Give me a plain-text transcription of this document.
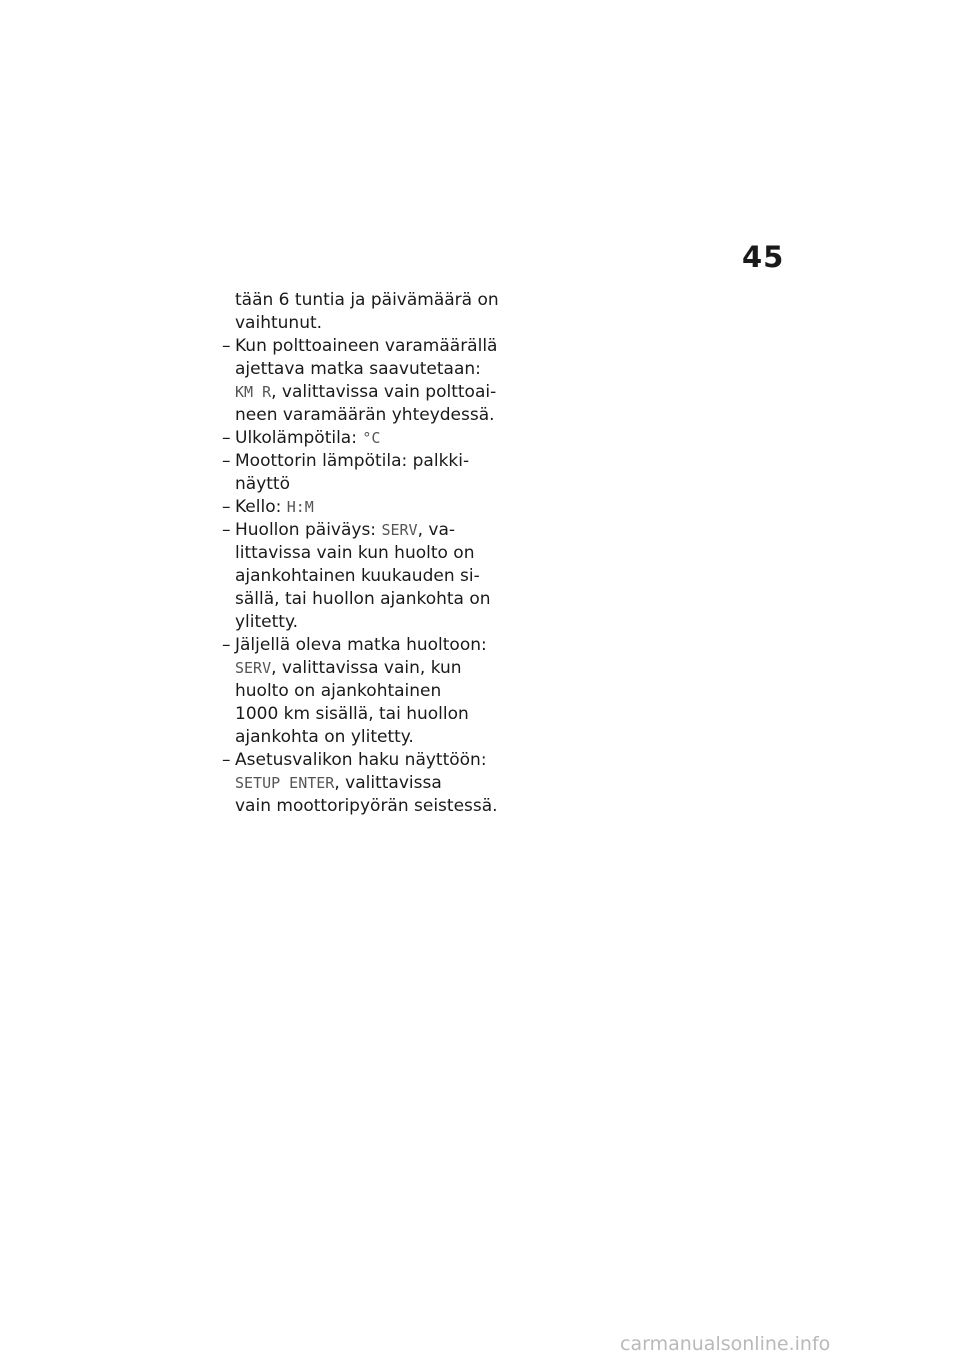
45
tään 6 tuntia ja päivämäärä on
vaihtunut.
– Kun polttoaineen varamäärällä
ajettava matka saavutetaan:
KM R, valittavissa vain polttoai-
neen varamäärän yhteydessä.
– Ulkolämpötila: °C
– Moottorin lämpötila: palkki-
näyttö
– Kello: H:M
– Huollon päiväys: SERV, va-
littavissa vain kun huolto on
ajankohtainen kuukauden si-
sällä, tai huollon ajankohta on
ylitetty.
– Jäljellä oleva matka huoltoon:
SERV, valittavissa vain, kun
huolto on ajankohtainen
1000 km sisällä, tai huollon
ajankohta on ylitetty.
– Asetusvalikon haku näyttöön:
SETUP ENTER, valittavissa
vain moottoripyörän seistessä.
carmanualsonline.info
